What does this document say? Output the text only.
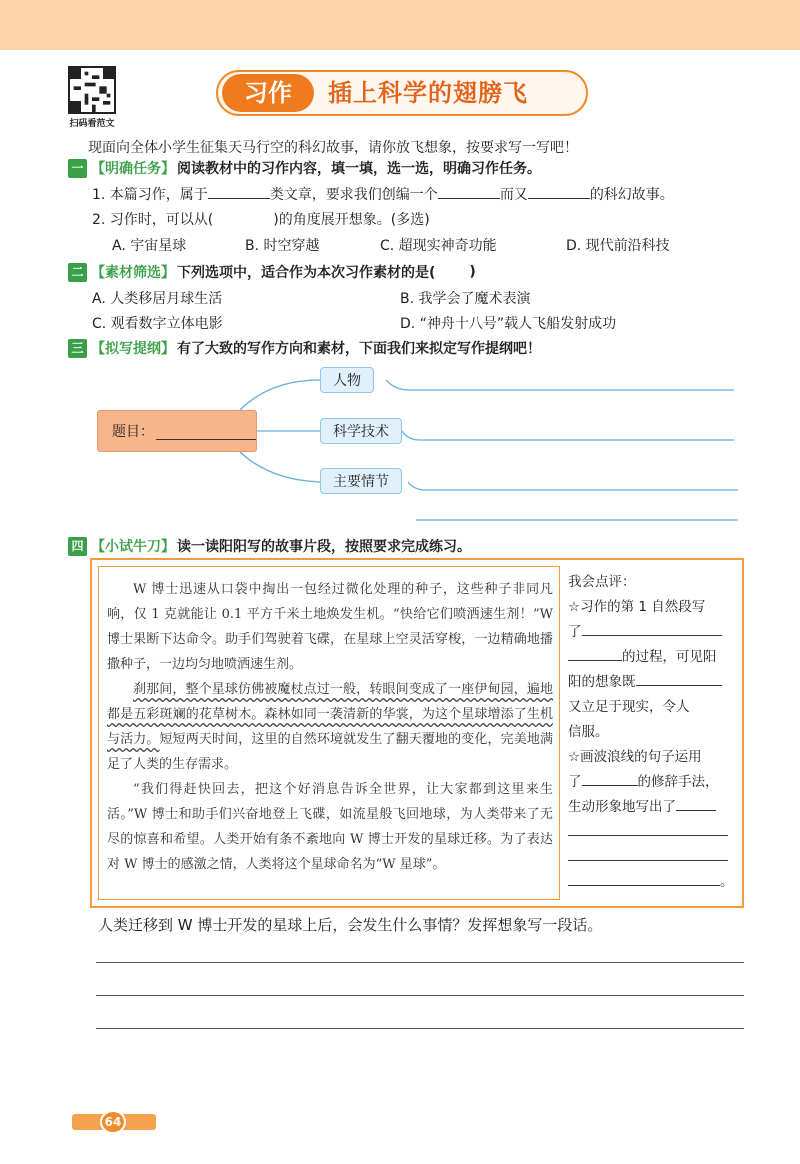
扫码看范文
习作	插上科学的翅膀飞
现面向全体小学生征集天马行空的科幻故事，请你放飞想象，按要求写一写吧！
一 【明确任务】 阅读教材中的习作内容，填一填，选一选，明确习作任务。
1. 本篇习作，属于	类文章，要求我们创编一个	而又	的科幻故事。
2. 习作时，可以从(	)的角度展开想象。(多选)
A. 宇宙星球	B. 时空穿越	C. 超现实神奇功能	D. 现代前沿科技
二 【素材筛选】 下列选项中，适合作为本次习作素材的是( )
A. 人类移居月球生活	B. 我学会了魔术表演
C. 观看数字立体电影	D. “神舟十八号”载人飞船发射成功
三 【拟写提纲】 有了大致的写作方向和素材，下面我们来拟定写作提纲吧！
题目：
人物
科学技术
主要情节
四 【小试牛刀】 读一读阳阳写的故事片段，按照要求完成练习。

W 博士迅速从口袋中掏出一包经过微化处理的种子，这些种子非同凡响，仅 1 克就能让 0.1 平方千米土地焕发生机。“快给它们喷洒速生剂！”W 博士果断下达命令。助手们驾驶着飞碟，在星球上空灵活穿梭，一边精确地播撒种子，一边均匀地喷洒速生剂。

刹那间，整个星球仿佛被魔杖点过一般，转眼间变成了一座伊甸园，遍地都是五彩斑斓的花草树木。森林如同一袭清新的华裳，为这个星球增添了生机与活力。短短两天时间，这里的自然环境就发生了翻天覆地的变化，完美地满足了人类的生存需求。

“我们得赶快回去，把这个好消息告诉全世界，让大家都到这里来生活。”W 博士和助手们兴奋地登上飞碟，如流星般飞回地球，为人类带来了无尽的惊喜和希望。人类开始有条不紊地向 W 博士开发的星球迁移。为了表达对 W 博士的感激之情，人类将这个星球命名为“W 星球”。

我会点评：
☆习作的第 1 自然段写
了
的过程，可见阳
阳的想象既
又立足于现实，令人
信服。
☆画波浪线的句子运用
了	的修辞手法，
生动形象地写出了
。
人类迁移到 W 博士开发的星球上后，会发生什么事情？发挥想象写一段话。
64
